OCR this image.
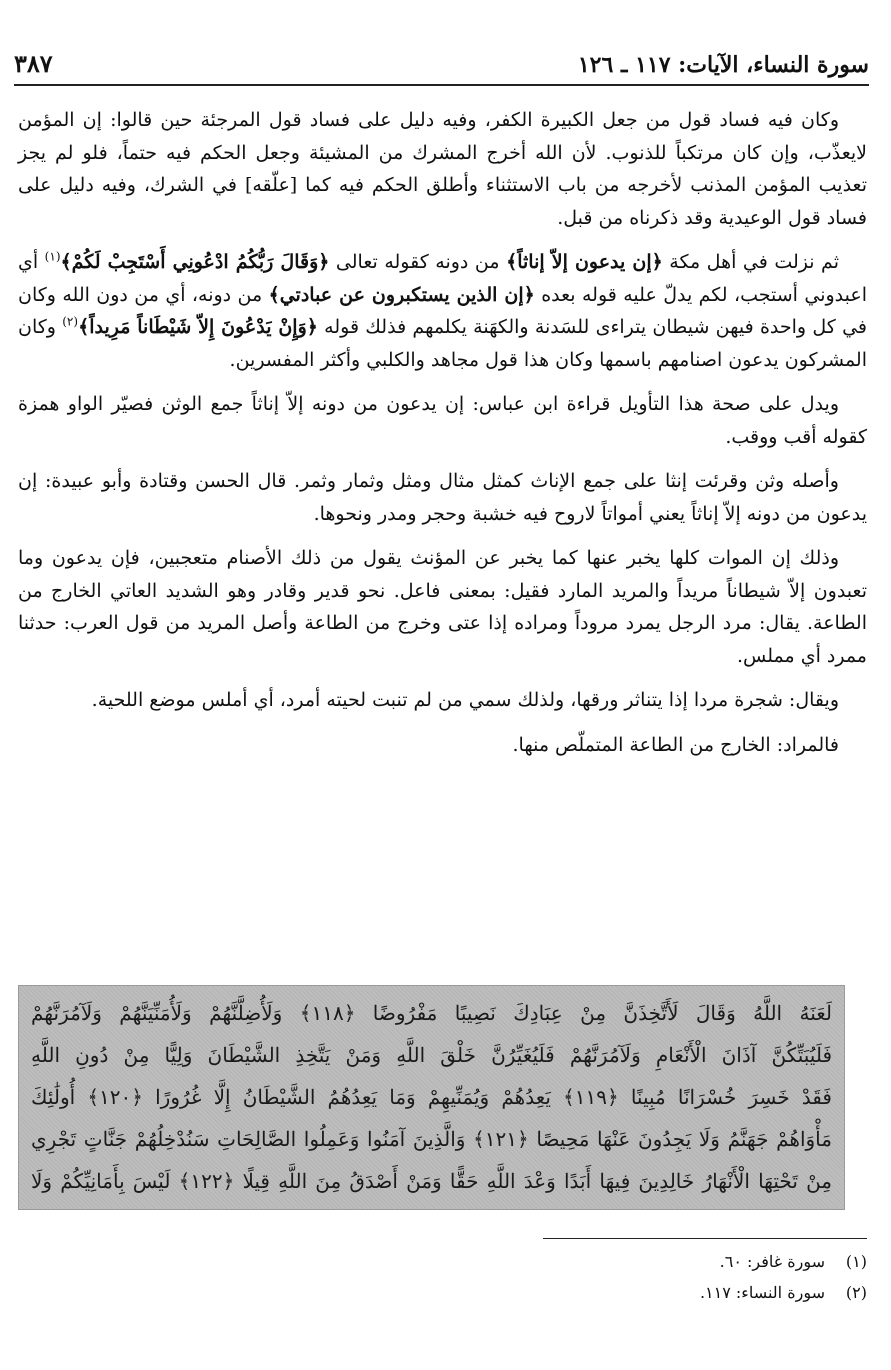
سورة النساء، الآيات: ١١٧ ـ ١٢٦
٣٨٧

وكان فيه فساد قول من جعل الكبيرة الكفر، وفيه دليل على فساد قول المرجئة حين قالوا: إن المؤمن لايعذّب، وإن كان مرتكباً للذنوب. لأن الله أخرج المشرك من المشيئة وجعل الحكم فيه حتماً، فلو لم يجز تعذيب المؤمن المذنب لأخرجه من باب الاستثناء وأطلق الحكم فيه كما [علّقه] في الشرك، وفيه دليل على فساد قول الوعيدية وقد ذكرناه من قبل.

ثم نزلت في أهل مكة ﴿إن يدعون إلاّ إناثاً﴾ من دونه كقوله تعالى ﴿وَقَالَ رَبُّكُمُ ادْعُونِي أَسْتَجِبْ لَكُمْ﴾$^{(١)}$ أي اعبدوني أستجب، لكم يدلّ عليه قوله بعده ﴿إن الذين يستكبرون عن عبادتي﴾ من دونه، أي من دون الله وكان في كل واحدة فيهن شيطان يتراءى للسَدنة والكهَنة يكلمهم فذلك قوله ﴿وَإِنْ يَدْعُونَ إِلاّ شَيْطَاناً مَرِيداً﴾$^{(٢)}$ وكان المشركون يدعون اصنامهم باسمها وكان هذا قول مجاهد والكلبي وأكثر المفسرين.

ويدل على صحة هذا التأويل قراءة ابن عباس: إن يدعون من دونه إلاّ إناثاً جمع الوثن فصيّر الواو همزة كقوله أقب ووقب.

وأصله وثن وقرئت إنثا على جمع الإناث كمثل مثال ومثل وثمار وثمر. قال الحسن وقتادة وأبو عبيدة: إن يدعون من دونه إلاّ إناثاً يعني أمواتاً لاروح فيه خشبة وحجر ومدر ونحوها.

وذلك إن الموات كلها يخبر عنها كما يخبر عن المؤنث يقول من ذلك الأصنام متعجبين، فإن يدعون وما تعبدون إلاّ شيطاناً مريداً والمريد المارد فقيل: بمعنى فاعل. نحو قدير وقادر وهو الشديد العاتي الخارج من الطاعة. يقال: مرد الرجل يمرد مروداً ومراده إذا عتى وخرج من الطاعة وأصل المريد من قول العرب: حدثنا ممرد أي مملس.

ويقال: شجرة مردا إذا يتناثر ورقها، ولذلك سمي من لم تنبت لحيته أمرد، أي أملس موضع اللحية.

فالمراد: الخارج من الطاعة المتملّص منها.

لَعَنَهُ اللَّهُ وَقَالَ لَأَتَّخِذَنَّ مِنْ عِبَادِكَ نَصِيبًا مَفْرُوضًا ﴿١١٨﴾ وَلَأُضِلَّنَّهُمْ وَلَأُمَنِّيَنَّهُمْ وَلَآمُرَنَّهُمْ
فَلَيُبَتِّكُنَّ آذَانَ الْأَنْعَامِ وَلَآمُرَنَّهُمْ فَلَيُغَيِّرُنَّ خَلْقَ اللَّهِ وَمَنْ يَتَّخِذِ الشَّيْطَانَ وَلِيًّا مِنْ دُونِ اللَّهِ
فَقَدْ خَسِرَ خُسْرَانًا مُبِينًا ﴿١١٩﴾ يَعِدُهُمْ وَيُمَنِّيهِمْ وَمَا يَعِدُهُمُ الشَّيْطَانُ إِلَّا غُرُورًا ﴿١٢٠﴾ أُولَٰئِكَ
مَأْوَاهُمْ جَهَنَّمُ وَلَا يَجِدُونَ عَنْهَا مَحِيصًا ﴿١٢١﴾ وَالَّذِينَ آمَنُوا وَعَمِلُوا الصَّالِحَاتِ سَنُدْخِلُهُمْ جَنَّاتٍ تَجْرِي
مِنْ تَحْتِهَا الْأَنْهَارُ خَالِدِينَ فِيهَا أَبَدًا وَعْدَ اللَّهِ حَقًّا وَمَنْ أَصْدَقُ مِنَ اللَّهِ قِيلًا ﴿١٢٢﴾ لَيْسَ بِأَمَانِيِّكُمْ وَلَا
(١)
سورة غافر: ٦٠.
(٢)
سورة النساء: ١١٧.
